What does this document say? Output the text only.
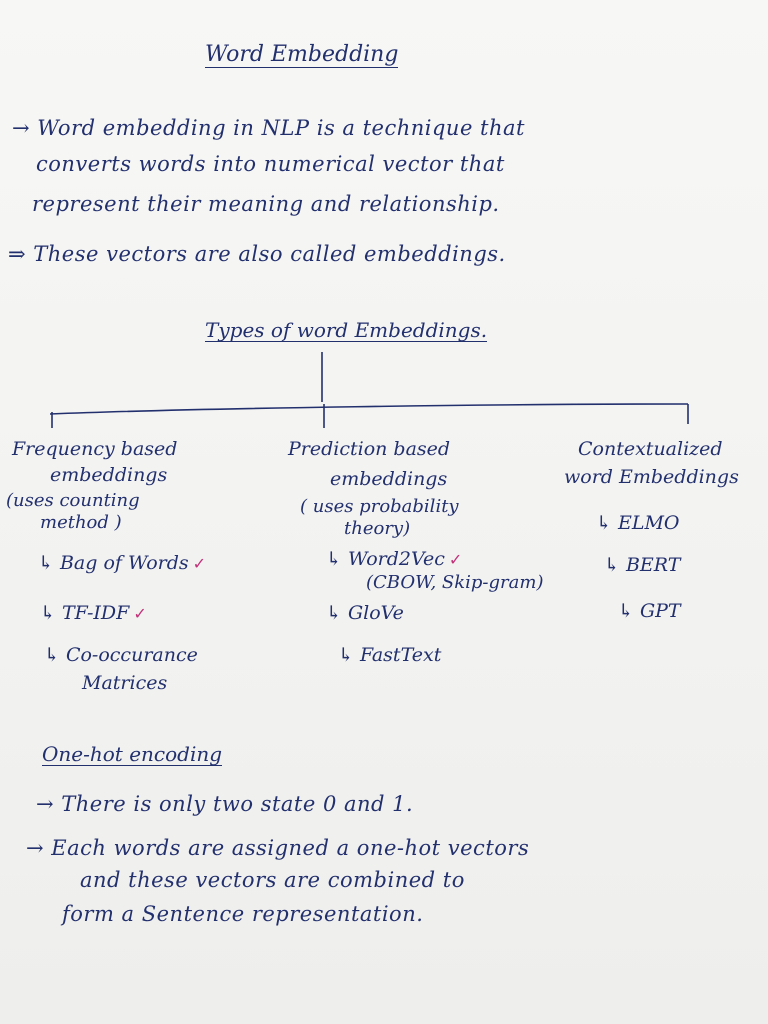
Word Embedding
→ Word embedding in NLP is a technique that
converts words into numerical vector that
represent their meaning and relationship.
⇒ These vectors are also called embeddings.
Types of word Embeddings.
Frequency based
embeddings
(uses counting
method )
↳ Bag of Words ✓
↳ TF-IDF ✓
↳ Co-occurance
Matrices
Prediction based
embeddings
( uses probability
theory)
↳ Word2Vec ✓
(CBOW, Skip-gram)
↳ GloVe
↳ FastText
Contextualized
word Embeddings
↳ ELMO
↳ BERT
↳ GPT
One-hot encoding
→ There is only two state 0 and 1.
→ Each words are assigned a one-hot vectors
and these vectors are combined to
form a Sentence representation.
